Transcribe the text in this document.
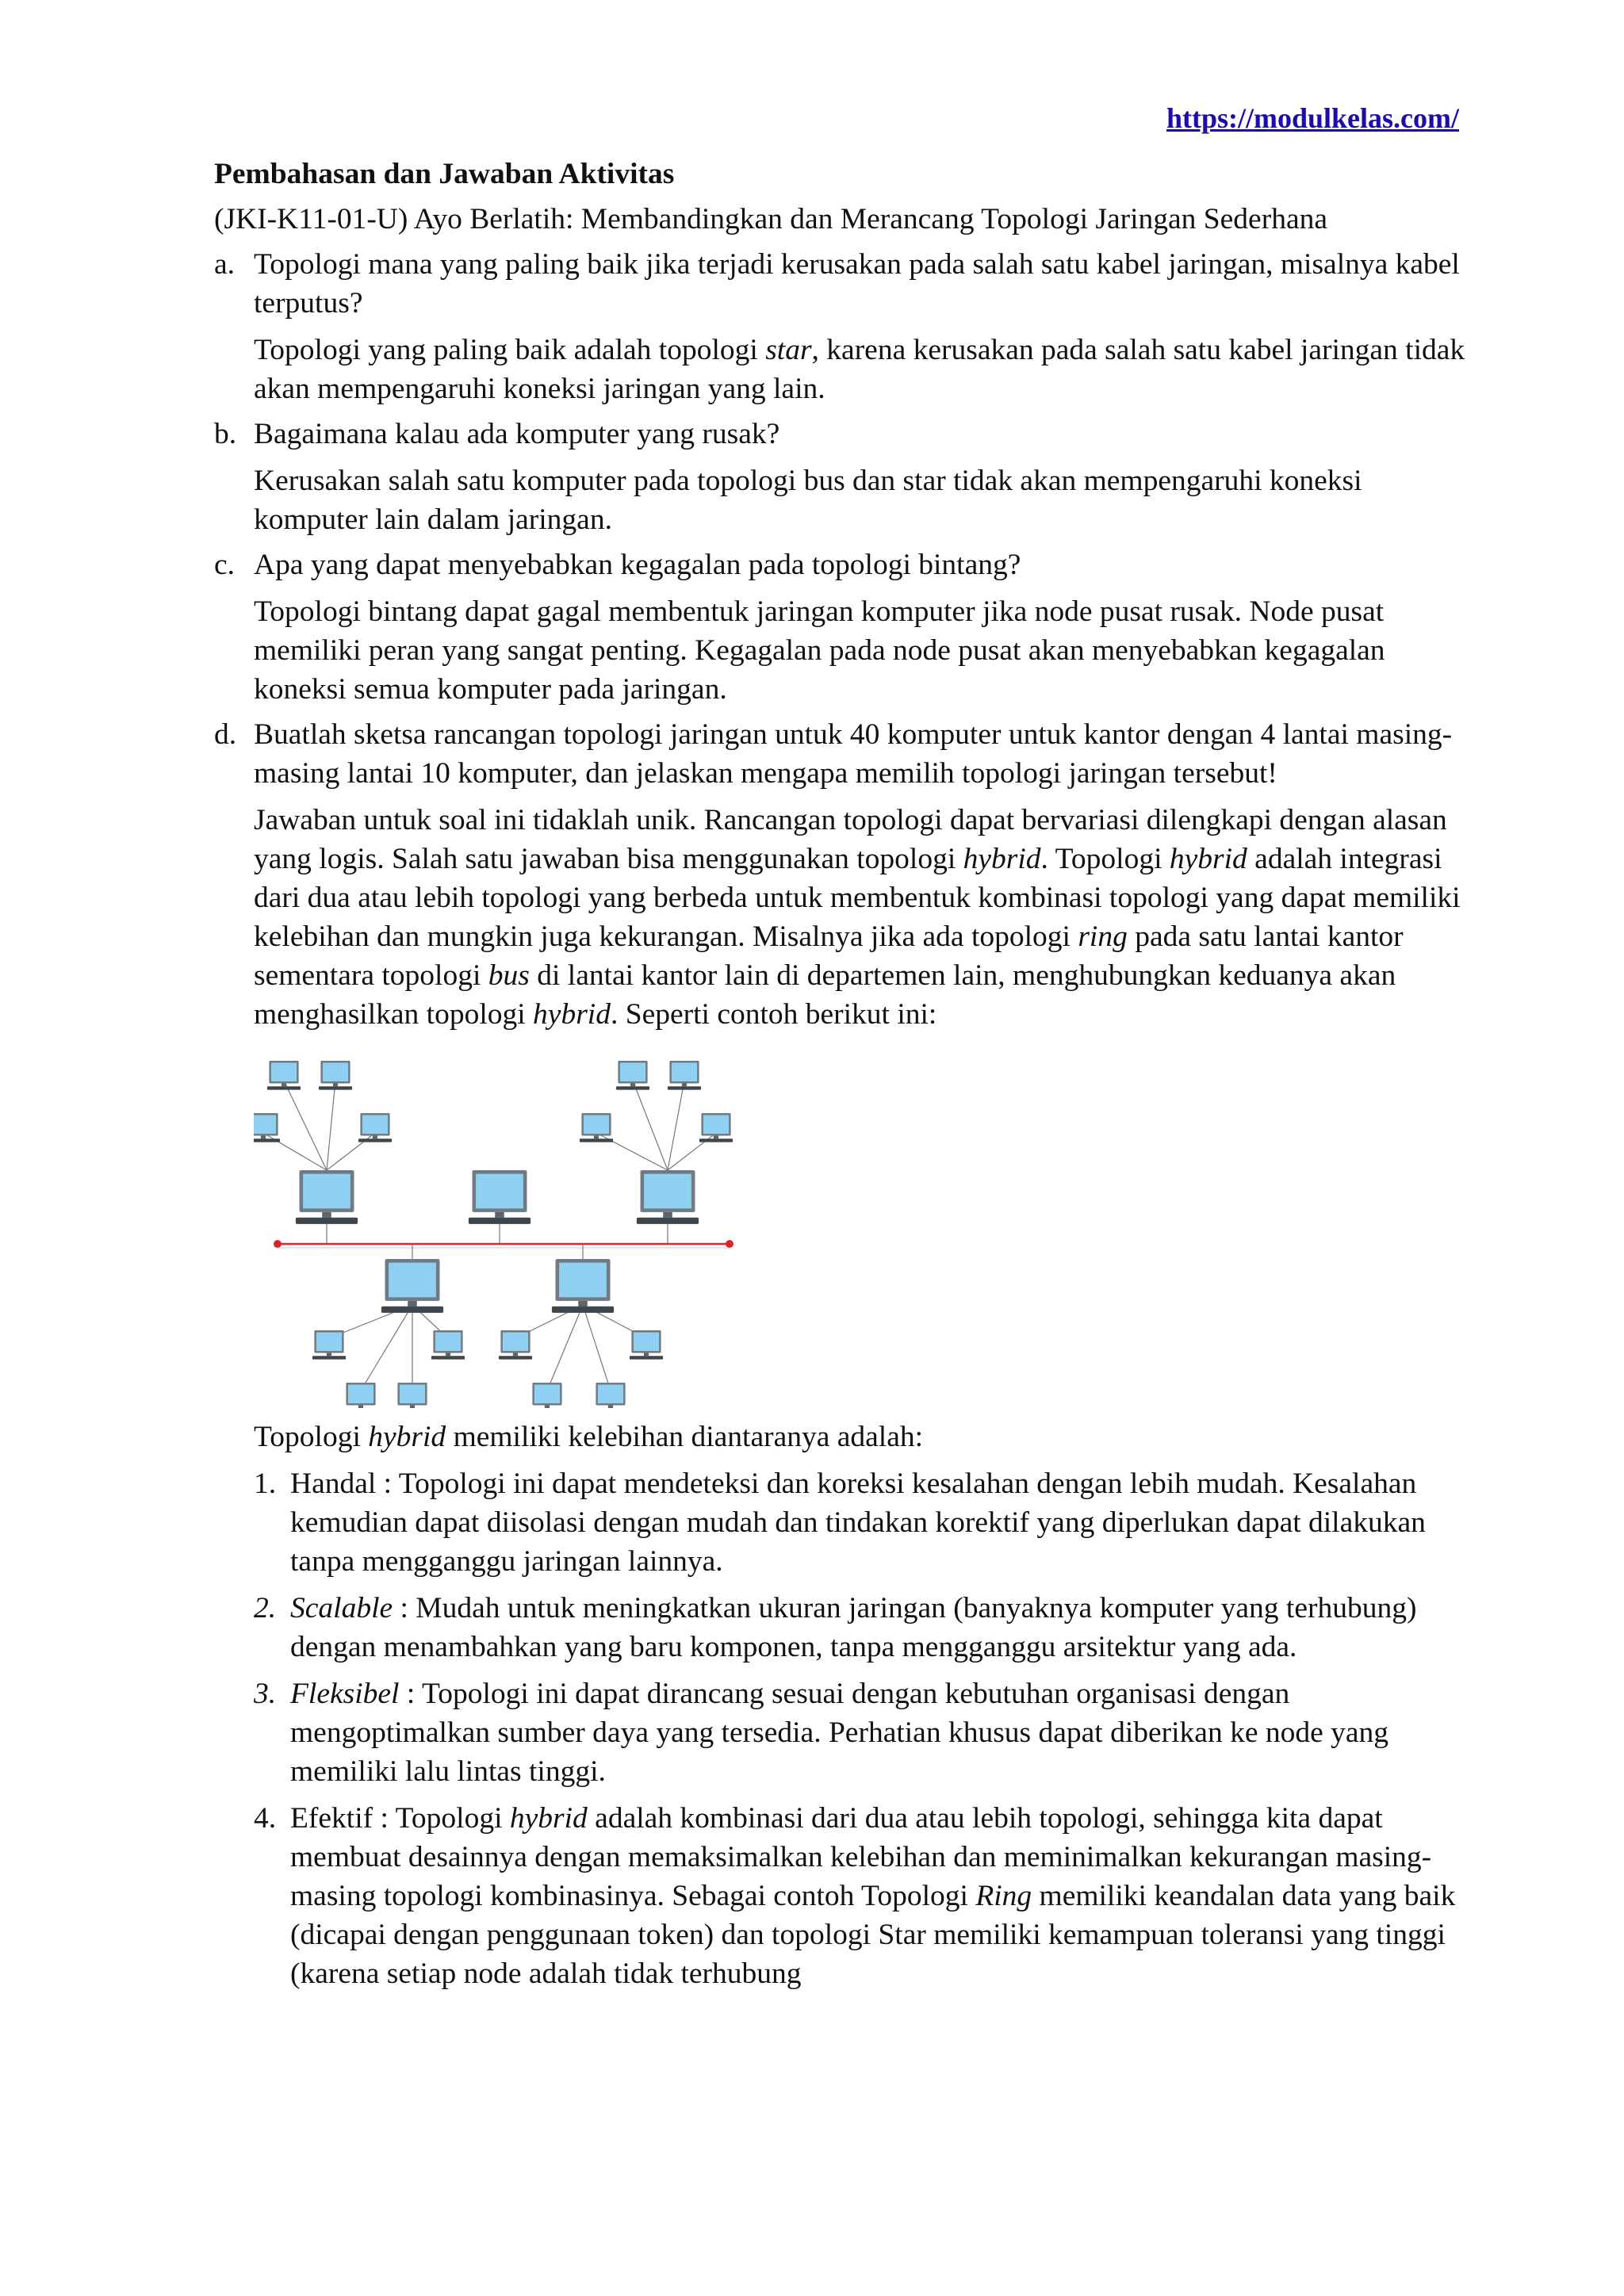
https://modulkelas.com/
Pembahasan dan Jawaban Aktivitas
(JKI-K11-01-U) Ayo Berlatih: Membandingkan dan Merancang Topologi Jaringan Sederhana
a. Topologi mana yang paling baik jika terjadi kerusakan pada salah satu kabel jaringan, misalnya kabel terputus?

Topologi yang paling baik adalah topologi star, karena kerusakan pada salah satu kabel jaringan tidak akan mempengaruhi koneksi jaringan yang lain.

b. Bagaimana kalau ada komputer yang rusak?

Kerusakan salah satu komputer pada topologi bus dan star tidak akan mempengaruhi koneksi komputer lain dalam jaringan.

c. Apa yang dapat menyebabkan kegagalan pada topologi bintang?

Topologi bintang dapat gagal membentuk jaringan komputer jika node pusat rusak. Node pusat memiliki peran yang sangat penting. Kegagalan pada node pusat akan menyebabkan kegagalan koneksi semua komputer pada jaringan.

d. Buatlah sketsa rancangan topologi jaringan untuk 40 komputer untuk kantor dengan 4 lantai masing-masing lantai 10 komputer, dan jelaskan mengapa memilih topologi jaringan tersebut!

Jawaban untuk soal ini tidaklah unik. Rancangan topologi dapat bervariasi dilengkapi dengan alasan yang logis. Salah satu jawaban bisa menggunakan topologi hybrid. Topologi hybrid adalah integrasi dari dua atau lebih topologi yang berbeda untuk membentuk kombinasi topologi yang dapat memiliki kelebihan dan mungkin juga kekurangan. Misalnya jika ada topologi ring pada satu lantai kantor sementara topologi bus di lantai kantor lain di departemen lain, menghubungkan keduanya akan menghasilkan topologi hybrid. Seperti contoh berikut ini:

Topologi hybrid memiliki kelebihan diantaranya adalah:

1. Handal : Topologi ini dapat mendeteksi dan koreksi kesalahan dengan lebih mudah. Kesalahan kemudian dapat diisolasi dengan mudah dan tindakan korektif yang diperlukan dapat dilakukan tanpa mengganggu jaringan lainnya.
2. Scalable : Mudah untuk meningkatkan ukuran jaringan (banyaknya komputer yang terhubung) dengan menambahkan yang baru komponen, tanpa mengganggu arsitektur yang ada.
3. Fleksibel : Topologi ini dapat dirancang sesuai dengan kebutuhan organisasi dengan mengoptimalkan sumber daya yang tersedia. Perhatian khusus dapat diberikan ke node yang memiliki lalu lintas tinggi.
4. Efektif : Topologi hybrid adalah kombinasi dari dua atau lebih topologi, sehingga kita dapat membuat desainnya dengan memaksimalkan kelebihan dan meminimalkan kekurangan masing-masing topologi kombinasinya. Sebagai contoh Topologi Ring memiliki keandalan data yang baik (dicapai dengan penggunaan token) dan topologi Star memiliki kemampuan toleransi yang tinggi (karena setiap node adalah tidak terhubung
